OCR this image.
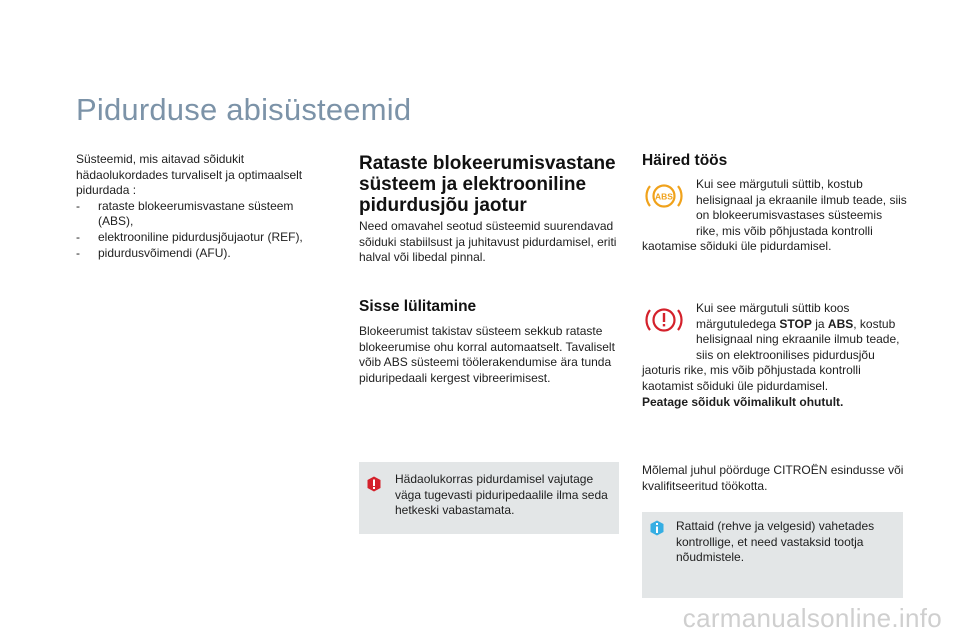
Pidurduse abisüsteemid

Süsteemid, mis aitavad sõidukit hädaolukordades turvaliselt ja optimaalselt pidurdada :

- rataste blokeerumisvastane süsteem (ABS),
- elektrooniline pidurdusjõujaotur (REF),
- pidurdusvõimendi (AFU).
Rataste blokeerumisvastane süsteem ja elektrooniline pidurdusjõu jaotur

Need omavahel seotud süsteemid suurendavad sõiduki stabiilsust ja juhitavust pidurdamisel, eriti halval või libedal pinnal.

Sisse lülitamine

Blokeerumist takistav süsteem sekkub rataste blokeerumise ohu korral automaatselt. Tavaliselt võib ABS süsteemi töölerakendumise ära tunda piduripedaali kergest vibreerimisest.

Hädaolukorras pidurdamisel vajutage väga tugevasti piduripedaalile ilma seda hetkeski vabastamata.

Häired töös
ABS
Kui see märgutuli süttib, kostub helisignaal ja ekraanile ilmub teade, siis on blokeerumisvastases süsteemis rike, mis võib põhjustada kontrolli kaotamise sõiduki üle pidurdamisel.
Kui see märgutuli süttib koos märgutuledega STOP ja ABS, kostub helisignaal ning ekraanile ilmub teade, siis on elektroonilises pidurdusjõu jaoturis rike, mis võib põhjustada kontrolli kaotamist sõiduki üle pidurdamisel.
Peatage sõiduk võimalikult ohutult.

Mõlemal juhul pöörduge CITROËN esindusse või kvalifitseeritud töökotta.

Rattaid (rehve ja velgesid) vahetades kontrollige, et need vastaksid tootja nõudmistele.

carmanualsonline.info
